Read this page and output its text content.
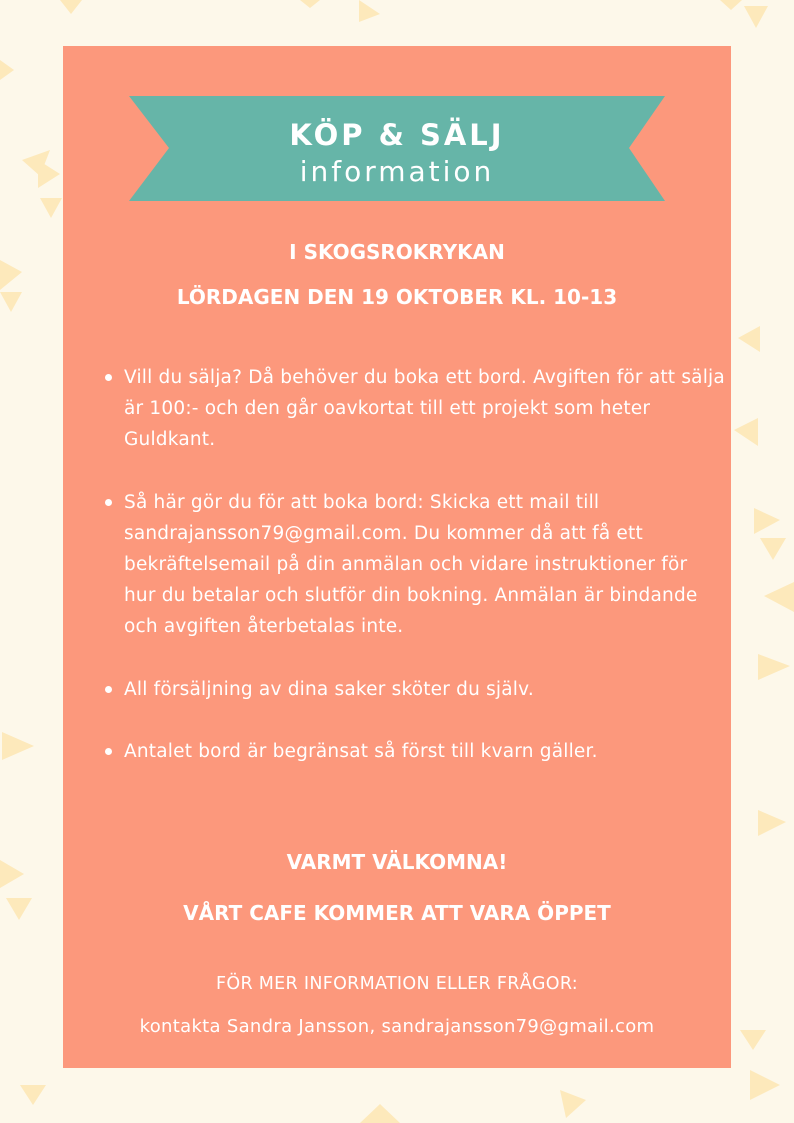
KÖP & SÄLJ
information

I SKOGSROKRYKAN

LÖRDAGEN DEN 19 OKTOBER KL. 10-13

Vill du sälja? Då behöver du boka ett bord. Avgiften för att sälja är 100:- och den går oavkortat till ett projekt som heter Guldkant.
Så här gör du för att boka bord: Skicka ett mail till sandrajansson79@gmail.com. Du kommer då att få ett bekräftelsemail på din anmälan och vidare instruktioner för hur du betalar och slutför din bokning. Anmälan är bindande och avgiften återbetalas inte.
All försäljning av dina saker sköter du själv.
Antalet bord är begränsat så först till kvarn gäller.

VARMT VÄLKOMNA!

VÅRT CAFE KOMMER ATT VARA ÖPPET

FÖR MER INFORMATION ELLER FRÅGOR:

kontakta Sandra Jansson, sandrajansson79@gmail.com
